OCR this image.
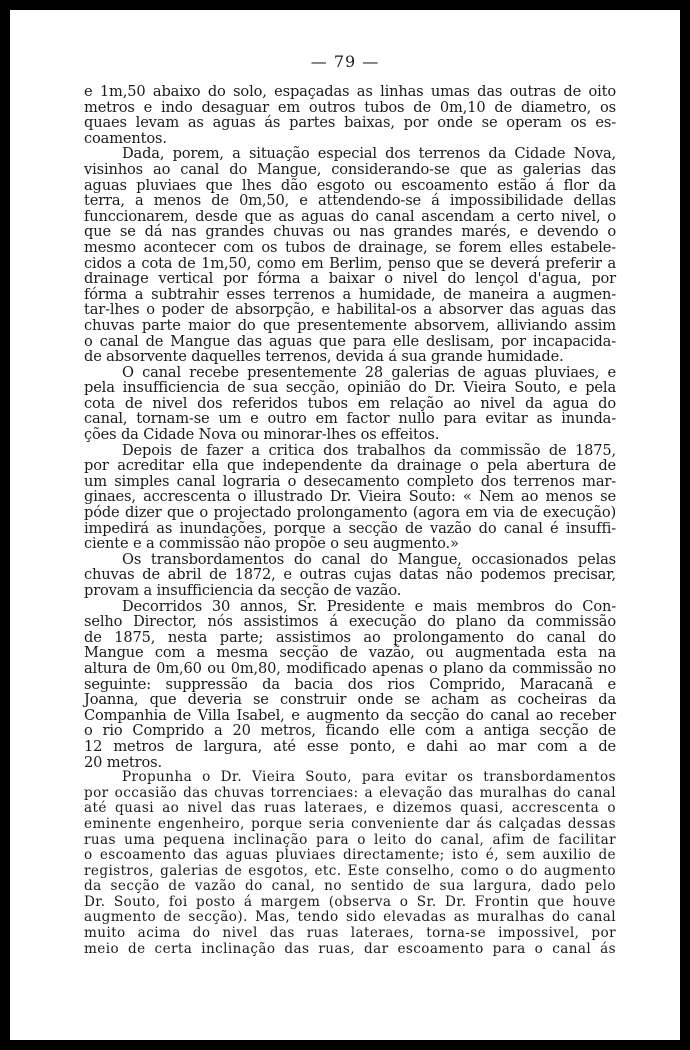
— 79 —
e 1m,50 abaixo do solo, espaçadas as linhas umas das outras de oito
metros e indo desaguar em outros tubos de 0m,10 de diametro, os
quaes levam as aguas ás partes baixas, por onde se operam os es-
coamentos.
Dada, porem, a situação especial dos terrenos da Cidade Nova,
visinhos ao canal do Mangue, considerando-se que as galerias das
aguas pluviaes que lhes dão esgoto ou escoamento estão á flor da
terra, a menos de 0m,50, e attendendo-se á impossibilidade dellas
funccionarem, desde que as aguas do canal ascendam a certo nivel, o
que se dá nas grandes chuvas ou nas grandes marés, e devendo o
mesmo acontecer com os tubos de drainage, se forem elles estabele-
cidos a cota de 1m,50, como em Berlim, penso que se deverá preferir a
drainage vertical por fórma a baixar o nivel do lençol d'agua, por
fórma a subtrahir esses terrenos a humidade, de maneira a augmen-
tar-lhes o poder de absorpção, e habilital-os a absorver das aguas das
chuvas parte maior do que presentemente absorvem, alliviando assim
o canal de Mangue das aguas que para elle deslisam, por incapacida-
de absorvente daquelles terrenos, devida á sua grande humidade.
O canal recebe presentemente 28 galerias de aguas pluviaes, e
pela insufficiencia de sua secção, opinião do Dr. Vieira Souto, e pela
cota de nivel dos referidos tubos em relação ao nivel da agua do
canal, tornam-se um e outro em factor nullo para evitar as inunda-
ções da Cidade Nova ou minorar-lhes os effeitos.
Depois de fazer a critica dos trabalhos da commissão de 1875,
por acreditar ella que independente da drainage o pela abertura de
um simples canal lograria o desecamento completo dos terrenos mar-
ginaes, accrescenta o illustrado Dr. Vieira Souto: « Nem ao menos se
póde dizer que o projectado prolongamento (agora em via de execução)
impedirá as inundações, porque a secção de vazão do canal é insuffi-
ciente e a commissão não propõe o seu augmento.»
Os transbordamentos do canal do Mangue, occasionados pelas
chuvas de abril de 1872, e outras cujas datas não podemos precisar,
provam a insufficiencia da secção de vazão.
Decorridos 30 annos, Sr. Presidente e mais membros do Con-
selho Director, nós assistimos á execução do plano da commissão
de 1875, nesta parte; assistimos ao prolongamento do canal do
Mangue com a mesma secção de vazão, ou augmentada esta na
altura de 0m,60 ou 0m,80, modificado apenas o plano da commissão no
seguinte: suppressão da bacia dos rios Comprido, Maracanã e
Joanna, que deveria se construir onde se acham as cocheiras da
Companhia de Villa Isabel, e augmento da secção do canal ao receber
o rio Comprido a 20 metros, ficando elle com a antiga secção de
12 metros de largura, até esse ponto, e dahi ao mar com a de
20 metros.
Propunha o Dr. Vieira Souto, para evitar os transbordamentos
por occasião das chuvas torrenciaes: a elevação das muralhas do canal
até quasi ao nivel das ruas lateraes, e dizemos quasi, accrescenta o
eminente engenheiro, porque seria conveniente dar ás calçadas dessas
ruas uma pequena inclinação para o leito do canal, afim de facilitar
o escoamento das aguas pluviaes directamente; isto é, sem auxilio de
registros, galerias de esgotos, etc. Este conselho, como o do augmento
da secção de vazão do canal, no sentido de sua largura, dado pelo
Dr. Souto, foi posto á margem (observa o Sr. Dr. Frontin que houve
augmento de secção). Mas, tendo sido elevadas as muralhas do canal
muito acima do nivel das ruas lateraes, torna-se impossivel, por
meio de certa inclinação das ruas, dar escoamento para o canal ás
